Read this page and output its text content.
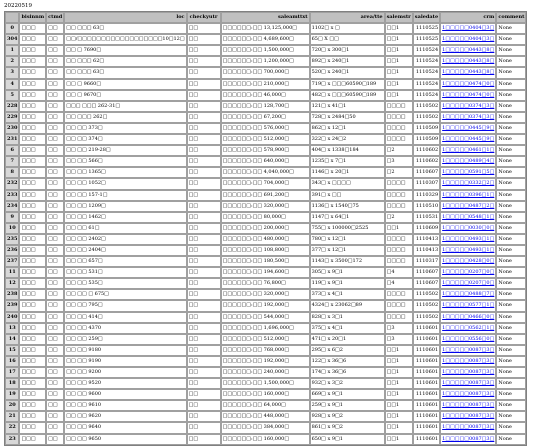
20220519
	bisinnm	ctmd	loc	checkyutr	saleamttxt	area/tte	salemstr	saledate	crm	comment
0	□□□	□□	□□ □□□ 63□	□□	□□□□□□:□□ 13,125,000□	1102□ x □	□□1	1110525	1□□□□□0404□3□	None
304	□□□	□□	□□/□□□□□□□□□□□□□□□□□□10□12□	□□	□□□□□□:□□ 4,689,600□	65□ X □□	□□1	1110525	1□□□□□0404□3□	None
1	□□□	□□	□□ □ 7690□	□□	□□□□□□:□□ 1,500,000□	720□ x 300□1	□□1	1110524	1□□□□□0443□8□	None
2	□□□	□□	□□ □□□ 62□	□□	□□□□□□:□□ 1,200,000□	892□ x 240□1	□□1	1110524	1□□□□□0443□8□	None
3	□□□	□□	□□ □□□ 63□	□□	□□□□□□:□□ 700,000□	520□ x 240□1	□□1	1110524	1□□□□□0443□8□	None
4	□□□	□□	□□ □ 9660□	□□	□□□□□□:□□ 210,000□	719□ x □□□60590□189	□□1	1110524	1□□□□□0474□0□	None
5	□□□	□□	□□ □ 9670□	□□	□□□□□□:□□ 46,000□	482□ x □□□60590□189	□□1	1110524	1□□□□□0474□0□	None
228	□□□	□□	□□□ □□□ 262-31□	□□	□□□□□□:□□ 128,700□	121□ x 41□1	□□□□	1110502	1□□□□□0374□3□	None
229	□□□	□□	□□ □□□ 262□	□□	□□□□□□:□□ 67,200□	728□ x 2484□50	□□□□	1110502	1□□□□□0374□3□	None
230	□□□	□□	□□ □□ 373□	□□	□□□□□□:□□ 576,000□	862□ x 12□1	□□□□	1110509	1□□□□□0445□9□	None
231	□□□	□□	□□ □□ 374□	□□	□□□□□□:□□ 512,000□	322□ x 24□2	□□□□	1110509	1□□□□□0445□9□	None
6	□□□	□□	□□ □□ 219-28□	□□	□□□□□□:□□ 578,900□	404□ x 1338□184	□2	1110602	1□□□□□0461□1□	None
7	□□□	□□	□□ □□ 566□	□□	□□□□□□:□□ 640,000□	1235□ x 7□1	□3	1110602	1□□□□□0489□4□	None
8	□□□	□□	□□ □□ 1365□	□□	□□□□□□:□□ 4,040,000□	1146□ x 20□1	□2	1110607	1□□□□□0591□5□	None
232	□□□	□□	□□ □□ 1052□	□□	□□□□□□:□□ 704,000□	343□ x □□□□	□□□□	1110307	1□□□□□0332□2□	None
233	□□□	□□	□□ □□ 157-1□	□□	□□□□□□:□□ 691,200□	391□ x □□	□□□□	1110329	1□□□□□0396□1□	None
234	□□□	□□	□□ □□ 1209□	□□	□□□□□□:□□ 320,000□	1136□ x 1540□75	□□□□	1110510	1□□□□□0487□2□	None
9	□□□	□□	□□ □□ 1462□	□□	□□□□□□:□□ 80,000□	1147□ x 64□1	□2	1110531	1□□□□□0548□1□	None
10	□□□	□□	□□ □□ 61□	□□	□□□□□□:□□ 200,000□	755□ x 100000□2525	□□1	1110609	1□□□□□0030□0□	None
235	□□□	□□	□□ □□ 2402□	□□	□□□□□□:□□ 480,000□	780□ x 12□1	□□□□	1110413	1□□□□□0493□1□	None
236	□□□	□□	□□ □□ 2404□	□□	□□□□□□:□□ 108,800□	377□ x 12□1	□□□□	1110413	1□□□□□0493□1□	None
237	□□□	□□	□□ □□ 657□	□□	□□□□□□:□□ 180,500□	1143□ x 3500□172	□□□□	1110317	1□□□□□0428□0□	None
11	□□□	□□	□□ □□ 531□	□□	□□□□□□:□□ 194,600□	305□ x 9□1	□4	1110607	1□□□□□0207□0□	None
12	□□□	□□	□□ □□ 535□	□□	□□□□□□:□□ 76,800□	119□ x 9□1	□4	1110607	1□□□□□0207□0□	None
238	□□□	□□	□□ □□ □ 675□	□□	□□□□□□:□□ 320,000□	373□ x 4□1	□□□□	1110502	1□□□□□0488□7□	None
239	□□□	□□	□□ □□ 795□	□□	□□□□□□:□□ 192,000□	4324□ x 23062□89	□□□□	1110502	1□□□□□0577□1□	None
240	□□□	□□	□□ □□ 414□	□□	□□□□□□:□□ 544,000□	828□ x 3□1	□□□□	1110502	1□□□□□0466□0□	None
13	□□□	□□	□□ □□ 4370	□□	□□□□□□:□□ 1,696,000□	375□ x 4□1	□3	1110601	1□□□□□0562□1□	None
14	□□□	□□	□□ □□ 259□	□□	□□□□□□:□□ 512,000□	471□ x 20□1	□3	1110601	1□□□□□0556□0□	None
15	□□□	□□	□□ □□ 9180	□□	□□□□□□:□□ 768,000□	295□ x 6□2	□□1	1110601	1□□□□□0087□3□	None
16	□□□	□□	□□ □□ 9190	□□	□□□□□□:□□ 192,000□	122□ x 36□6	□□1	1110601	1□□□□□0087□3□	None
17	□□□	□□	□□ □□ 9200	□□	□□□□□□:□□ 240,000□	174□ x 36□6	□□1	1110601	1□□□□□0087□3□	None
18	□□□	□□	□□ □□ 9520	□□	□□□□□□:□□ 1,500,000□	932□ x 3□2	□□1	1110601	1□□□□□0087□3□	None
19	□□□	□□	□□ □□ 9600	□□	□□□□□□:□□ 160,000□	669□ x 9□1	□□1	1110601	1□□□□□0087□3□	None
20	□□□	□□	□□ □□ 9610	□□	□□□□□□:□□ 64,000□	259□ x 9□1	□□1	1110601	1□□□□□0087□3□	None
21	□□□	□□	□□ □□ 9620	□□	□□□□□□:□□ 448,000□	928□ x 9□2	□□1	1110601	1□□□□□0087□3□	None
22	□□□	□□	□□ □□ 9640	□□	□□□□□□:□□ 384,000□	861□ x 9□2	□□1	1110601	1□□□□□0087□3□	None
23	□□□	□□	□□ □□ 9650	□□	□□□□□□:□□ 160,000□	650□ x 9□1	□□1	1110601	1□□□□□0087□3□	None
